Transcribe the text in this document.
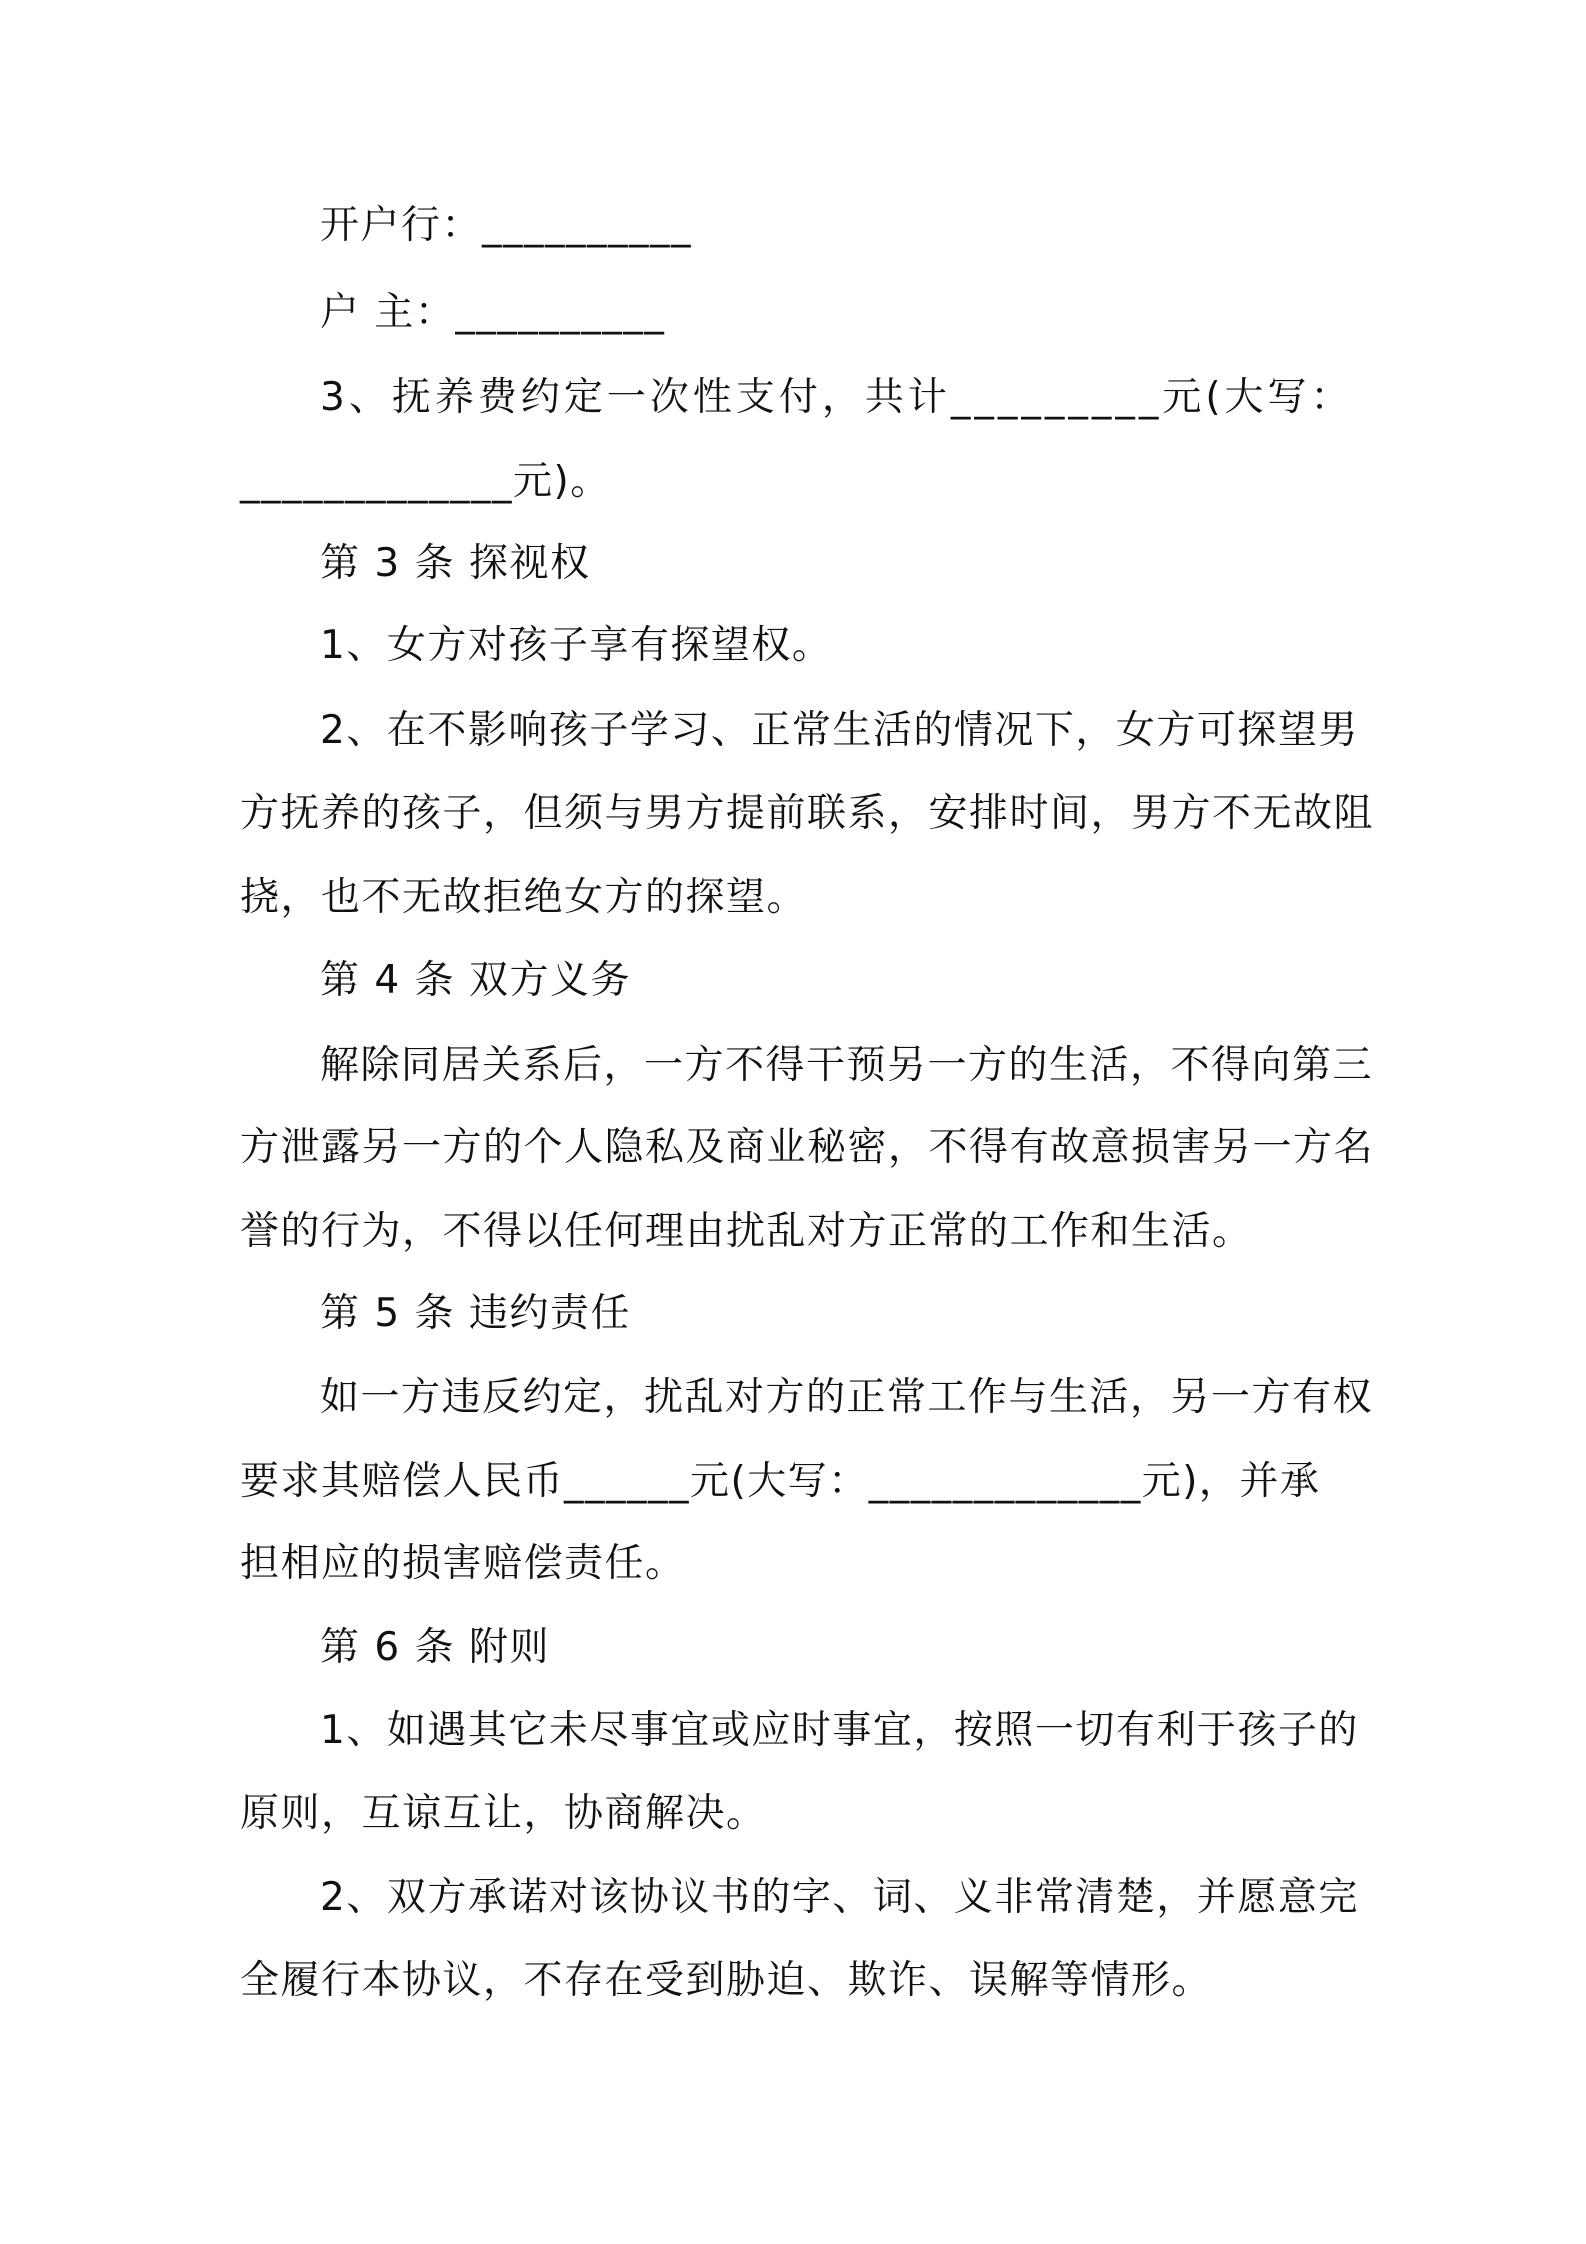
开户行：__________
户 主：__________
3、抚养费约定一次性支付，共计_________元(大写：
_____________元)。
第 3 条 探视权
1、女方对孩子享有探望权。
2、在不影响孩子学习、正常生活的情况下，女方可探望男
方抚养的孩子，但须与男方提前联系，安排时间，男方不无故阻
挠，也不无故拒绝女方的探望。
第 4 条 双方义务
解除同居关系后，一方不得干预另一方的生活，不得向第三
方泄露另一方的个人隐私及商业秘密，不得有故意损害另一方名
誉的行为，不得以任何理由扰乱对方正常的工作和生活。
第 5 条 违约责任
如一方违反约定，扰乱对方的正常工作与生活，另一方有权
要求其赔偿人民币______元(大写：_____________元)，并承
担相应的损害赔偿责任。
第 6 条 附则
1、如遇其它未尽事宜或应时事宜，按照一切有利于孩子的
原则，互谅互让，协商解决。
2、双方承诺对该协议书的字、词、义非常清楚，并愿意完
全履行本协议，不存在受到胁迫、欺诈、误解等情形。
